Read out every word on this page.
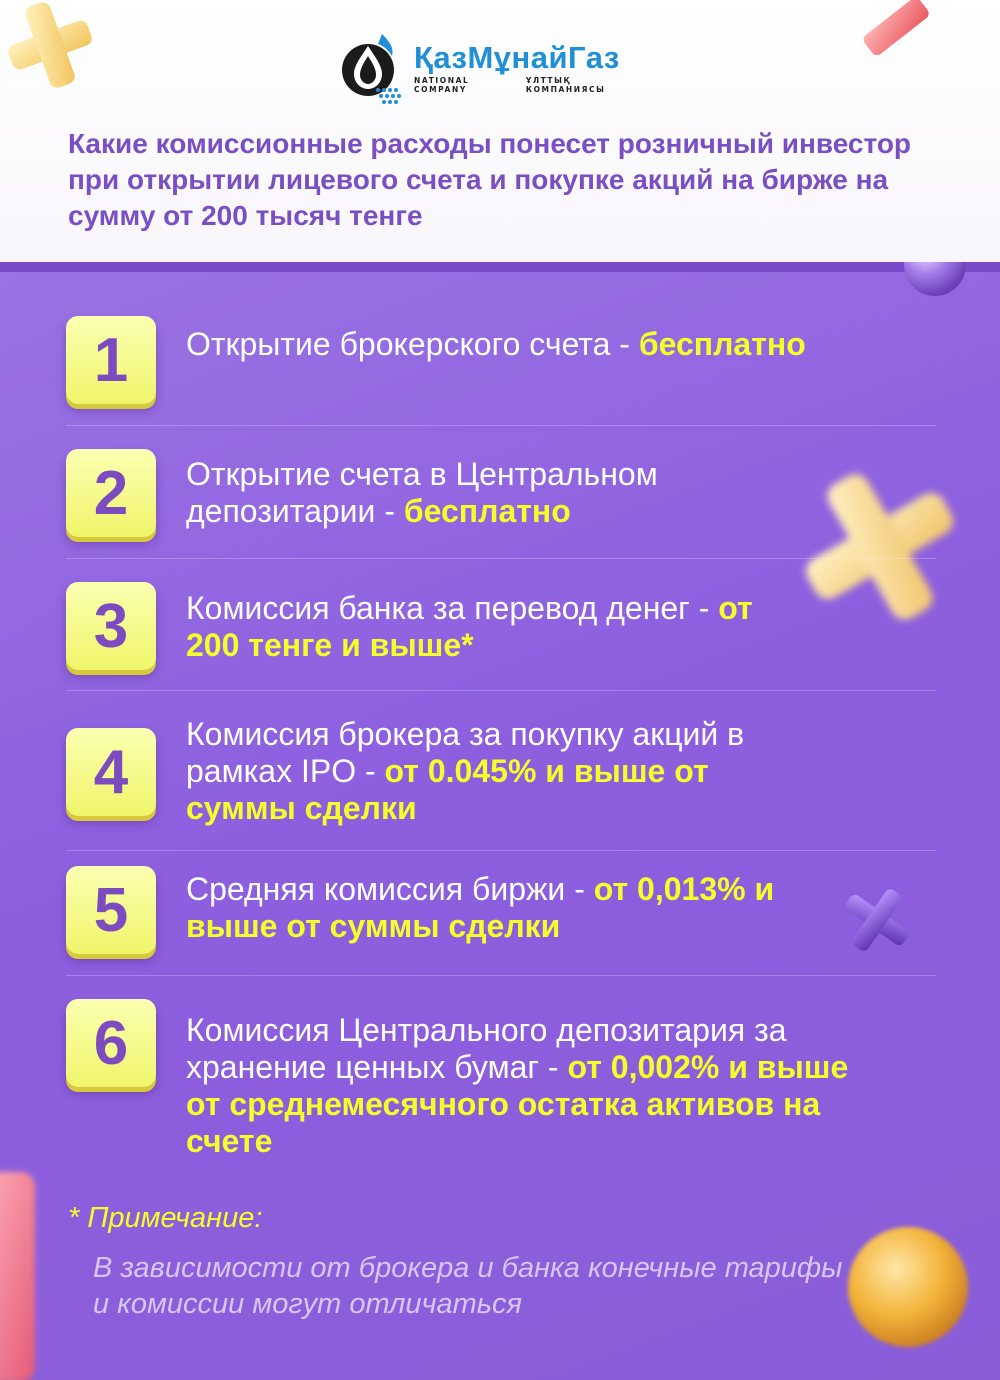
ҚазМұнайГаз
NATIONAL COMPANY
ҰЛТТЫҚ КОМПАНИЯСЫ
Какие комиссионные расходы понесет розничный инвестор при открытии лицевого счета и покупке акций на бирже на сумму от 200 тысяч тенге
1	Открытие брокерского счета - бесплатно
2	Открытие счета в Центральном депозитарии - бесплатно
3	Комиссия банка за перевод денег - от 200 тенге и выше*
4
Комиссия брокера за покупку акций в рамках IPO - от 0.045% и выше от суммы сделки
5	Средняя комиссия биржи - от 0,013% и выше от суммы сделки
6	Комиссия Центрального депозитария за хранение ценных бумаг - от 0,002% и выше от среднемесячного остатка активов на счете
* Примечание:
В зависимости от брокера и банка конечные тарифы и комиссии могут отличаться
